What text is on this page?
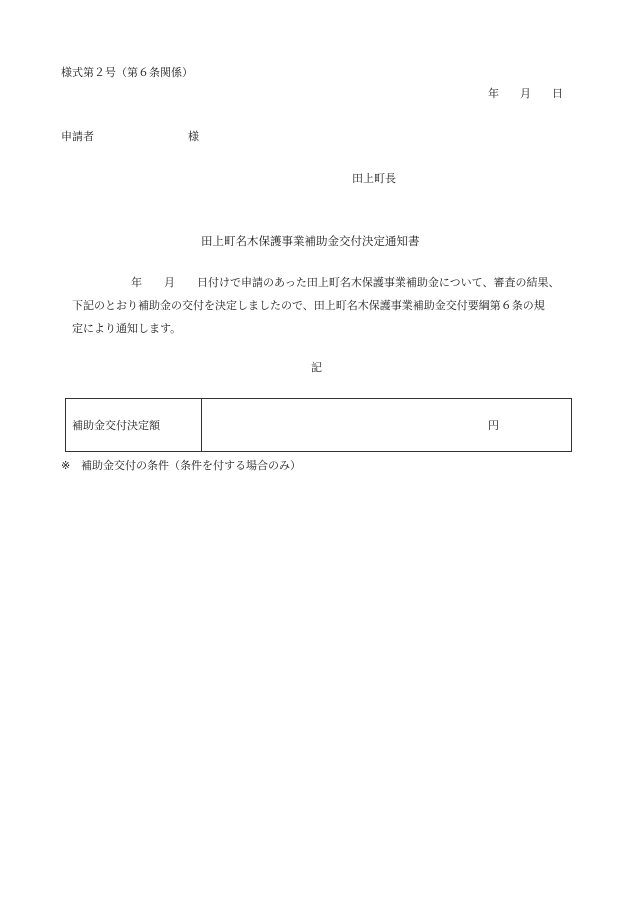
様式第２号（第６条関係）
年 月 日
申請者	様
田上町長
田上町名木保護事業補助金交付決定通知書
年 月 日付けで申請のあった田上町名木保護事業補助金について、審査の結果、
下記のとおり補助金の交付を決定しましたので、田上町名木保護事業補助金交付要綱第６条の規
定により通知します。
記
補助金交付決定額	円
※ 補助金交付の条件（条件を付する場合のみ）
